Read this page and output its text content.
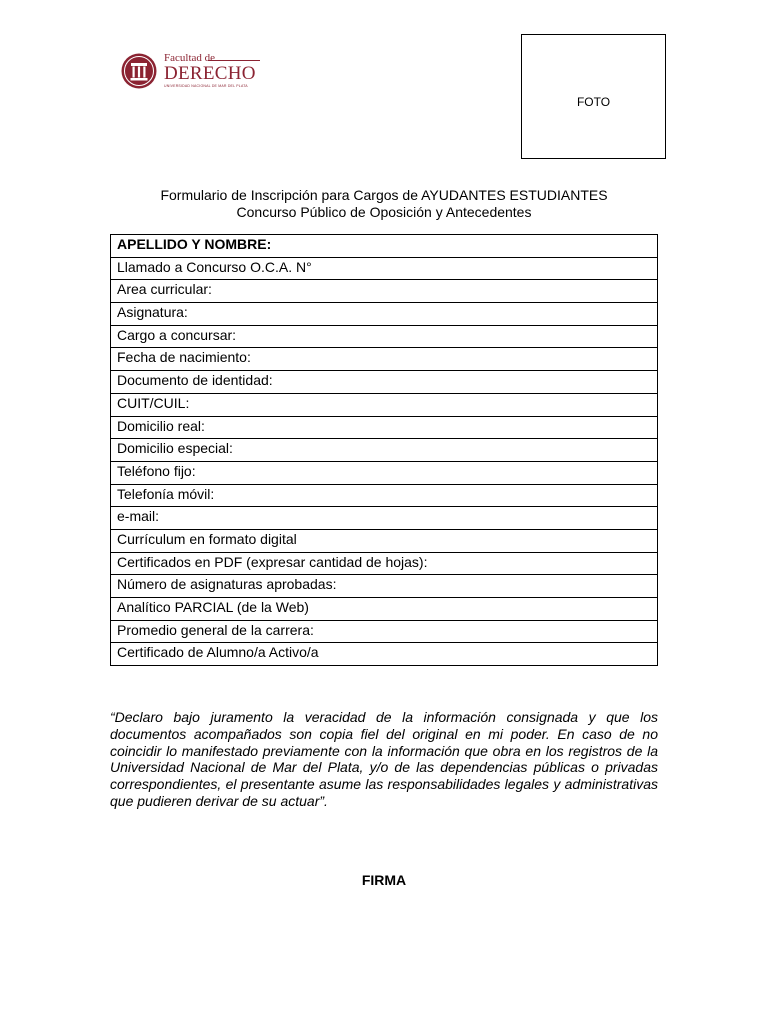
Facultad de
DERECHO
UNIVERSIDAD NACIONAL DE MAR DEL PLATA
FOTO
Formulario de Inscripción para Cargos de AYUDANTES ESTUDIANTES
Concurso Público de Oposición y Antecedentes
APELLIDO Y NOMBRE:
Llamado a Concurso O.C.A. N°
Area curricular:
Asignatura:
Cargo a concursar:
Fecha de nacimiento:
Documento de identidad:
CUIT/CUIL:
Domicilio real:
Domicilio especial:
Teléfono fijo:
Telefonía móvil:
e-mail:
Currículum en formato digital
Certificados en PDF (expresar cantidad de hojas):
Número de asignaturas aprobadas:
Analítico PARCIAL (de la Web)
Promedio general de la carrera:
Certificado de Alumno/a Activo/a
“Declaro bajo juramento la veracidad de la información consignada y que los documentos acompañados son copia fiel del original en mi poder. En caso de no coincidir lo manifestado previamente con la información que obra en los registros de la Universidad Nacional de Mar del Plata, y/o de las dependencias públicas o privadas correspondientes, el presentante asume las responsabilidades legales y administrativas que pudieren derivar de su actuar”.
FIRMA
